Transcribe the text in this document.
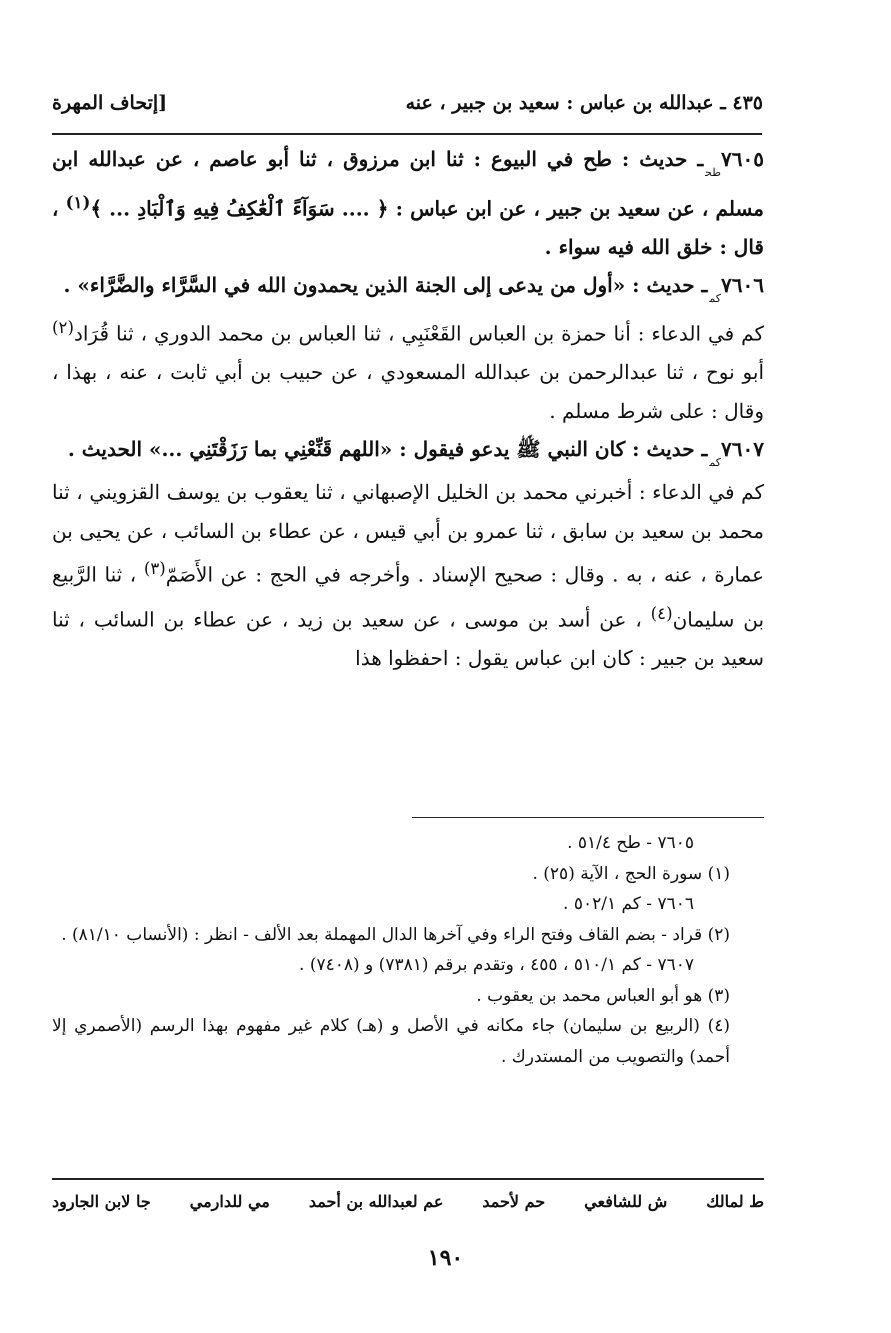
٤٣٥ ـ عبدالله بن عباس : سعيد بن جبير ، عنه
[إتحاف المهرة

$٧٦٠٥_{طح}ـ$ حديث : طح في البيوع : ثنا ابن مرزوق ، ثنا أبو عاصم ، عن عبدالله ابن مسلم ، عن سعيد بن جبير ، عن ابن عباس : ﴿ .... سَوَآءً ٱلْعَٰكِفُ فِيهِ وَٱلْبَادِ ... ﴾$^{(١)}$ ، قال : خلق الله فيه سواء .

$٧٦٠٦_{كم}ـ$ حديث : «أول من يدعى إلى الجنة الذين يحمدون الله في السَّرَّاء والضَّرَّاء» .

كم في الدعاء : أنا حمزة بن العباس القَعْنَبِي ، ثنا العباس بن محمد الدوري ، ثنا قُرَاد$^{(٢)}$ أبو نوح ، ثنا عبدالرحمن بن عبدالله المسعودي ، عن حبيب بن أبي ثابت ، عنه ، بهذا ، وقال : على شرط مسلم .

$٧٦٠٧_{كم}ـ$ حديث : كان النبي ﷺ يدعو فيقول : «اللهم قَنِّعْنِي بما رَزَقْتَنِي ...» الحديث .

كم في الدعاء : أخبرني محمد بن الخليل الإصبهاني ، ثنا يعقوب بن يوسف القزويني ، ثنا محمد بن سعيد بن سابق ، ثنا عمرو بن أبي قيس ، عن عطاء بن السائب ، عن يحيى بن عمارة ، عنه ، به . وقال : صحيح الإسناد . وأخرجه في الحج : عن الأَصَمّ$^{(٣)}$ ، ثنا الرَّبيع بن سليمان$^{(٤)}$ ، عن أسد بن موسى ، عن سعيد بن زيد ، عن عطاء بن السائب ، ثنا سعيد بن جبير : كان ابن عباس يقول : احفظوا هذا

٧٦٠٥ - طح ٥١/٤ .

(١) سورة الحج ، الآية (٢٥) .

٧٦٠٦ - كم ٥٠٢/١ .

(٢) قراد - بضم القاف وفتح الراء وفي آخرها الدال المهملة بعد الألف - انظر : (الأنساب ٨١/١٠) .

٧٦٠٧ - كم ٥١٠/١ ، ٤٥٥ ، وتقدم برقم (٧٣٨١) و (٧٤٠٨) .

(٣) هو أبو العباس محمد بن يعقوب .

(٤) (الربيع بن سليمان) جاء مكانه في الأصل و (هـ) كلام غير مفهوم بهذا الرسم (الأصمري إلا أحمد) والتصويب من المستدرك .

ط لمالك
ش للشافعي
حم لأحمد
عم لعبدالله بن أحمد
مي للدارمي
جا لابن الجارود
١٩٠
